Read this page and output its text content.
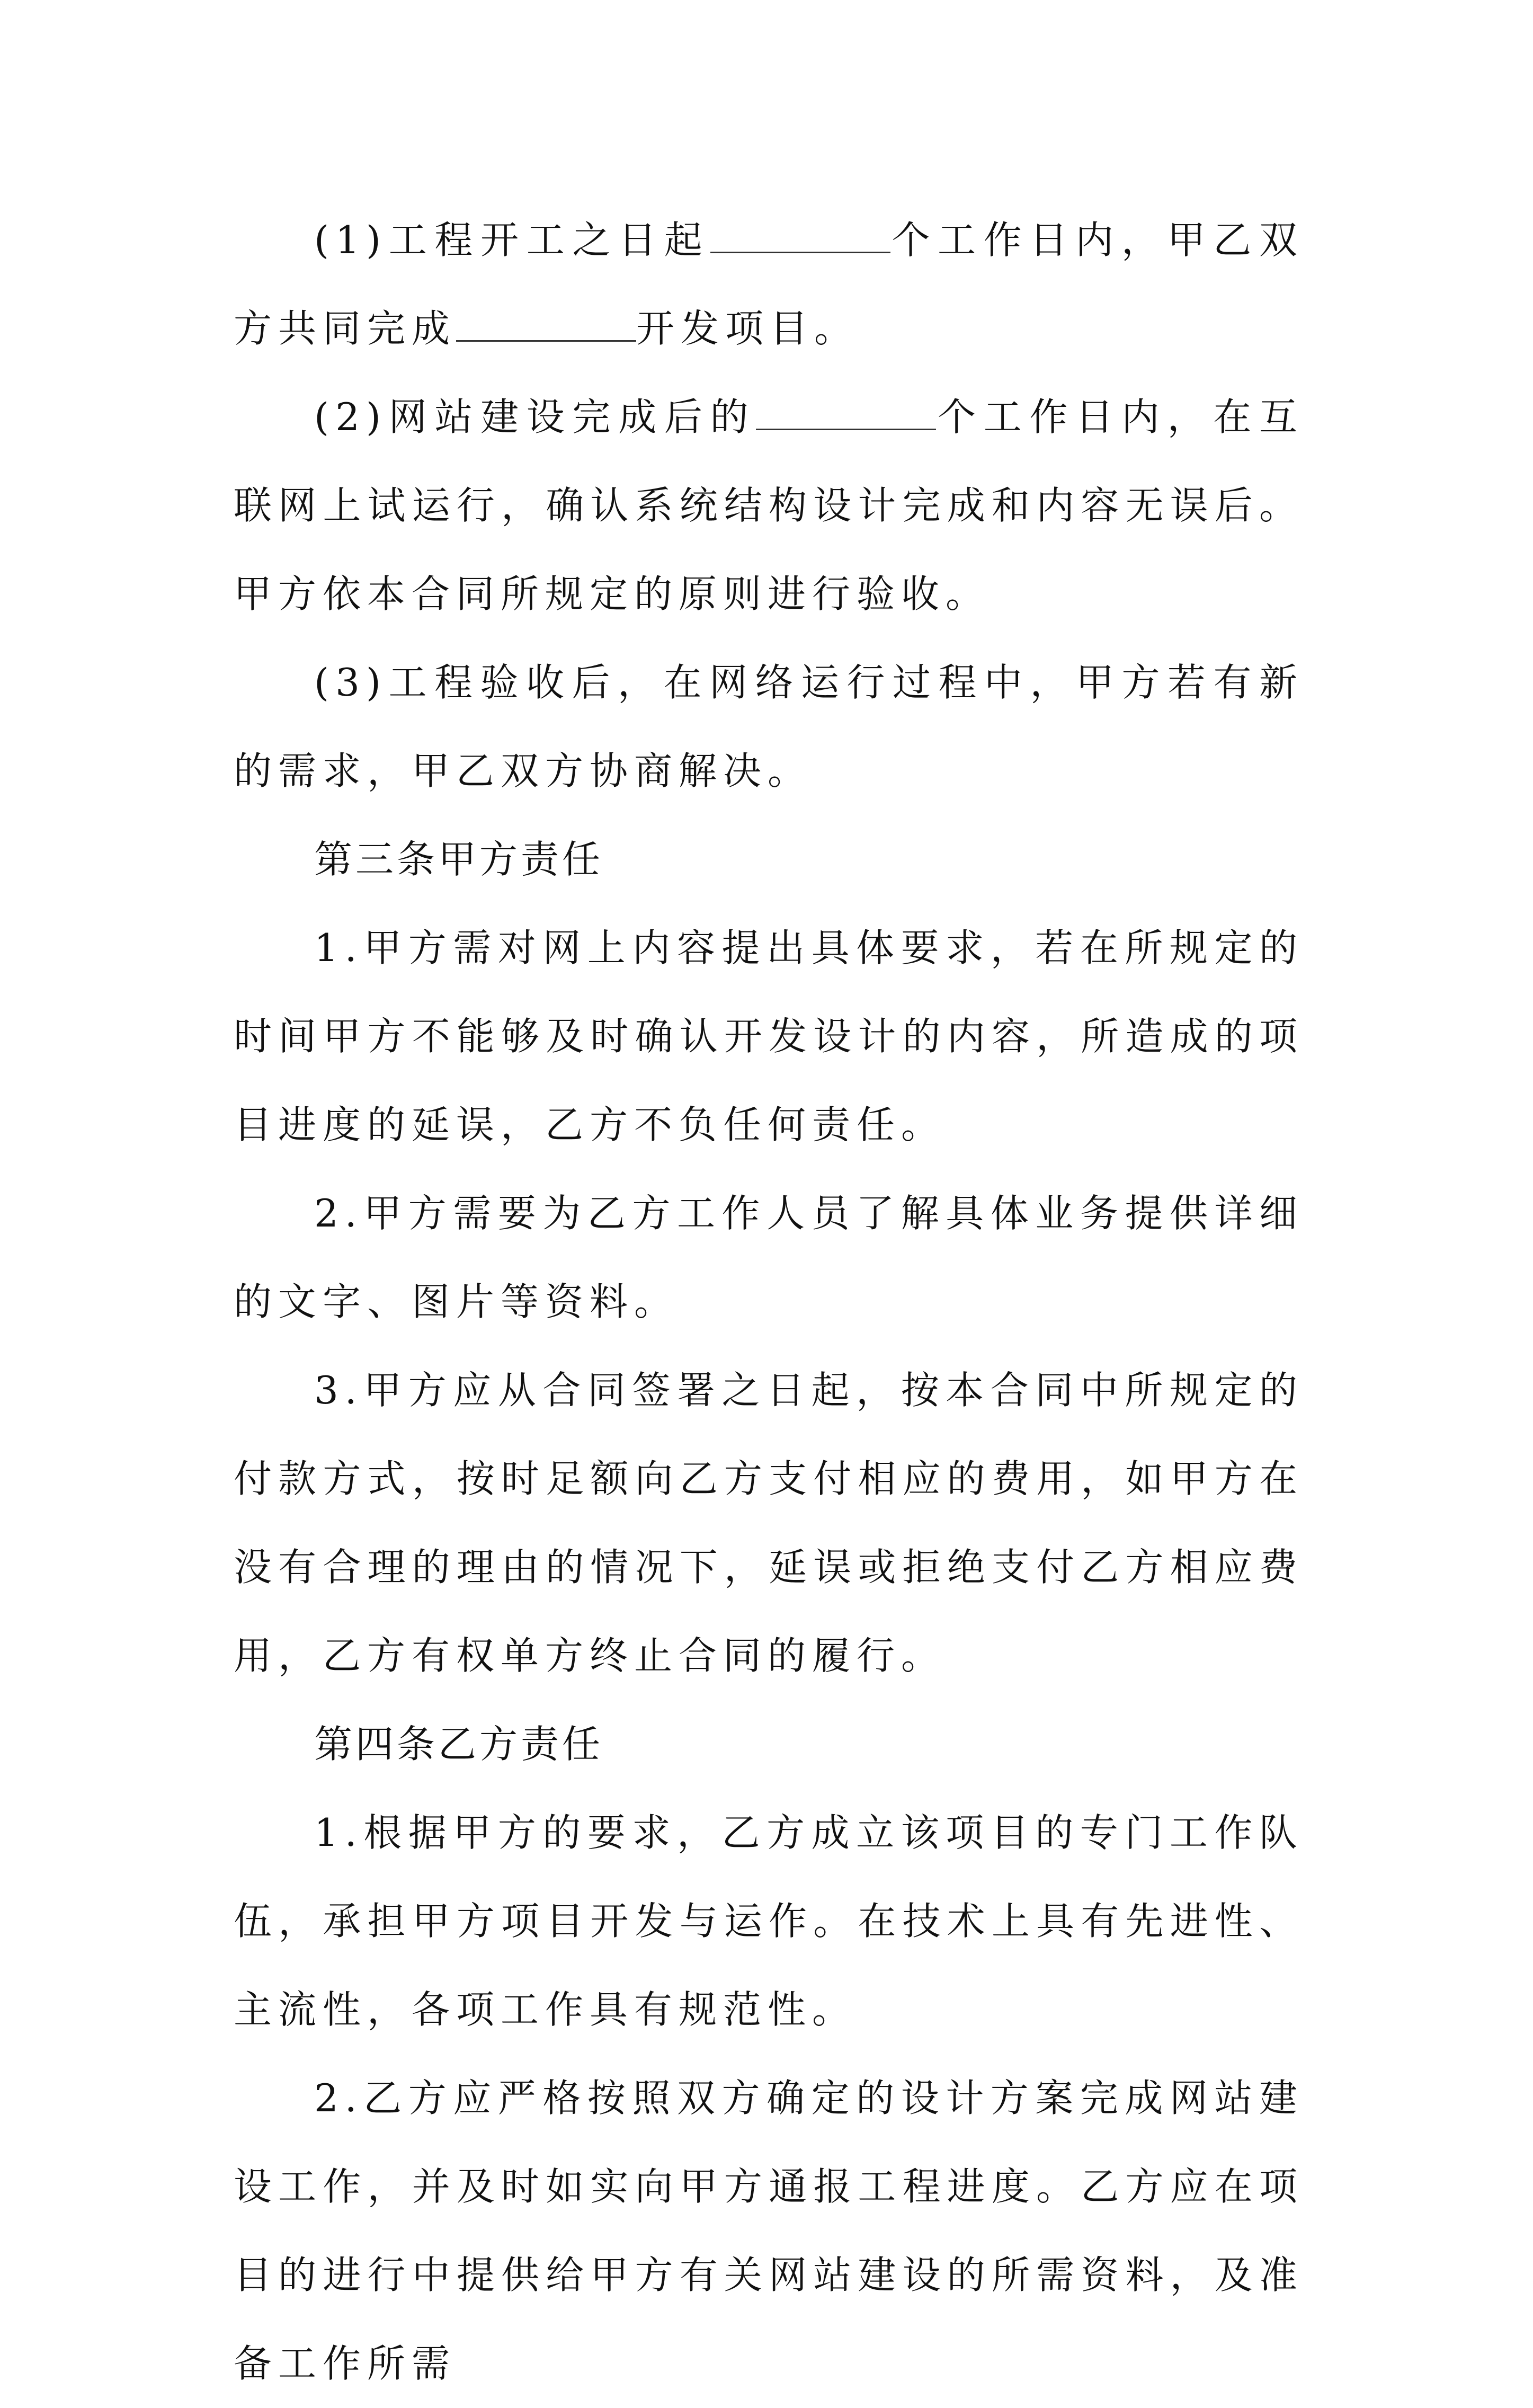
(1)工程开工之日起	个工作日内，甲乙双方共同完成	开发项目。

(2)网站建设完成后的	个工作日内，在互联网上试运行，确认系统结构设计完成和内容无误后。甲方依本合同所规定的原则进行验收。

(3)工程验收后，在网络运行过程中，甲方若有新的需求，甲乙双方协商解决。

第三条甲方责任

1.甲方需对网上内容提出具体要求，若在所规定的时间甲方不能够及时确认开发设计的内容，所造成的项目进度的延误，乙方不负任何责任。

2.甲方需要为乙方工作人员了解具体业务提供详细的文字、图片等资料。

3.甲方应从合同签署之日起，按本合同中所规定的付款方式，按时足额向乙方支付相应的费用，如甲方在没有合理的理由的情况下，延误或拒绝支付乙方相应费用，乙方有权单方终止合同的履行。

第四条乙方责任

1.根据甲方的要求，乙方成立该项目的专门工作队伍，承担甲方项目开发与运作。在技术上具有先进性、主流性，各项工作具有规范性。

2.乙方应严格按照双方确定的设计方案完成网站建设工作，并及时如实向甲方通报工程进度。乙方应在项目的进行中提供给甲方有关网站建设的所需资料，及准备工作所需
